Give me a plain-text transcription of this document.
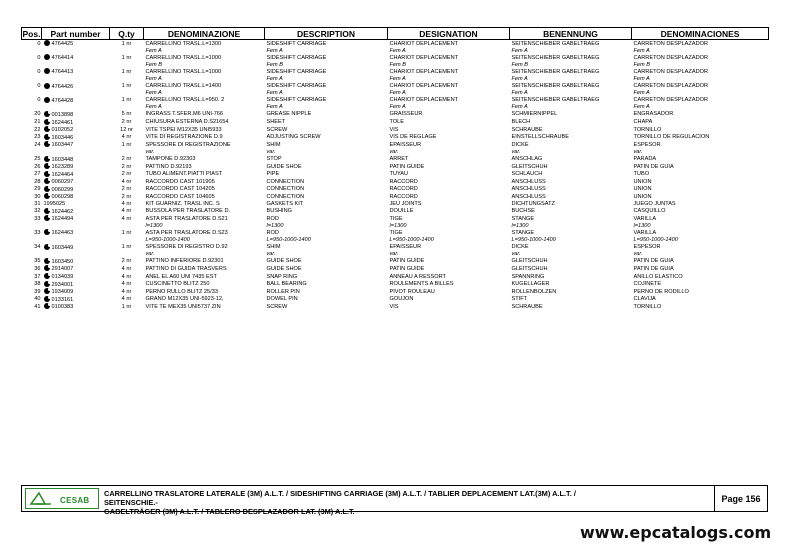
Pos.	Part number	Q.ty	DENOMINAZIONE	DESCRIPTION	DESIGNATION	BENENNUNG	DENOMINACIONES
0	4764425	1 nr	CARRELLINO TRASL.L=1300	SIDESHIFT CARRIAGE	CHARIOT DEPLACEMENT	SEITENSCHIEBER GABELTRAEG	CARRETON DESPLAZADOR
			Fem A	Fem A	Fem A	Fem A	Fem A
0	4764414	1 nr	CARRELLINO TRASL.L=1000	SIDESHIFT CARRIAGE	CHARIOT DEPLACEMENT	SEITENSCHIEBER GABELTRAEG	CARRETON DESPLAZADOR
			Fem B	Fem B	Fem B	Fem B	Fem B
0	4764413	1 nr	CARRELLINO TRASL.L=1000	SIDESHIFT CARRIAGE	CHARIOT DEPLACEMENT	SEITENSCHIEBER GABELTRAEG	CARRETON DESPLAZADOR
			Fem A	Fem A	Fem A	Fem A	Fem A
0	4764426	1 nr	CARRELLINO TRASL.L=1400	SIDESHIFT CARRIAGE	CHARIOT DEPLACEMENT	SEITENSCHIEBER GABELTRAEG	CARRETON DESPLAZADOR
			Fem A	Fem A	Fem A	Fem A	Fem A
0	4764428	1 nr	CARRELLINO TRASL.L=950. 2	SIDESHIFT CARRIAGE	CHARIOT DEPLACEMENT	SEITENSCHIEBER GABELTRAEG	CARRETON DESPLAZADOR
			Fem A	Fem A	Fem A	Fem A	Fem A
20	0013898	5 nr	INGRASS T.SFER.M6 UNI-766	GREASE NIPPLE	GRAISSEUR	SCHMIERNIPPEL	ENGRASADOR
21	1624461	2 nr	CHIUSURA ESTERNA D.S21654	SHEET	TOLE	BLECH	CHAPA
22	0102052	12 nr	VITE TSPEI M12X35 UNI5933	SCREW	VIS	SCHRAUBE	TORNILLO
23	1603446	4 nr	VITE DI REGISTRAZIONE D.9	ADJUSTING SCREW	VIS DE REGLAGE	EINSTELLSCHRAUBE	TORNILLO DE REGULACION
24	1603447	1 nr	SPESSORE DI REGISTRAZIONE	SHIM	EPAISSEUR	DICKE	ESPESOR
			var.	var.	var.	var.	var.
25	1603448	2 nr	TAMPONE D.92303	STOP	ARRET	ANSCHLAG	PARADA
26	1623289	2 nr	PATTINO D.92193	GUIDE SHOE	PATIN GUIDE	GLEITSCHUH	PATIN DE GUIA
27	1624464	2 nr	TUBO ALIMENT.PIATTI PIAST	PIPE	TUYAU	SCHLAUCH	TUBO
28	0060297	4 nr	RACCORDO CAST 101905	CONNECTION	RACCORD	ANSCHLUSS	UNION
29	0060299	2 nr	RACCORDO CAST 104205	CONNECTION	RACCORD	ANSCHLUSS	UNION
30	0060298	2 nr	RACCORDO CAST 104605	CONNECTION	RACCORD	ANSCHLUSS	UNION
31	1995025	4 nr	KIT GUARNIZ. TRASL INC. S	GASKETS KIT	JEU JOINTS	DICHTUNGSATZ	JUEGO JUNTAS
32	1624462	4 nr	BUSSOLA PER TRASLATORE D.	BUSHING	DOUILLE	BUCHSE	CASQUILLO
33	1624494	4 nr	ASTA PER TRASLATORE D.S21	ROD	TIGE	STANGE	VARILLA
			l=1300	l=1300	l=1300	l=1300	l=1300
33	1624463	1 nr	ASTA PER TRASLATORE D.S23	ROD	TIGE	STANGE	VARILLA
			L=950-1000-1400	L=950-1000-1400	L=950-1000-1400	L=950-1000-1400	L=950-1000-1400
34	1603449	1 nr	SPESSORE DI REGISTRO D.92	SHIM	EPAISSEUR	DICKE	ESPESOR
			var.	var.	var.	var.	var.
35	1603450	2 nr	PATTINO INFERIORE D.92301	GUIDE SHOE	PATIN GUIDE	GLEITSCHUH	PATIN DE GUIA
36	2914007	4 nr	PATTINO DI GUIDA TRASVERS	GUIDE SHOE	PATIN GUIDE	GLEITSCHUH	PATIN DE GUIA
37	0134039	4 nr	ANEL EL A60 UNI 7435 EST	SNAP RING	ANNEAU A RESSORT	SPANNRING	ANILLO ELASTICO
38	2934001	4 nr	CUSCINETTO BLITZ 250	BALL BEARING	ROULEMENTS A BILLES	KUGELLAGER	COJINETE
39	1934009	4 nr	PERNO RULLO BLITZ 25/33	ROLLER PIN	PIVOT ROULEAU	ROLLENBOLZEN	PERNO DE RODILLO
40	0133161	4 nr	GRANO M12X35 UNI-5923-12,	DOWEL PIN	GOUJON	STIFT	CLAVIJA
41	0100383	1 nr	VITE TE MEX35 UNI5737 ZIN	SCREW	VIS	SCHRAUBE	TORNILLO
CESAB
CARRELLINO TRASLATORE LATERALE (3M) A.L.T. / SIDESHIFTING CARRIAGE (3M) A.L.T. / TABLIER DEPLACEMENT LAT.(3M) A.L.T. / SEITENSCHIE.-
GABELTRÄGER (3M) A.L.T. / TABLERO DESPLAZADOR LAT. (3M) A.L.T.
Page 156
www.epcatalogs.com
